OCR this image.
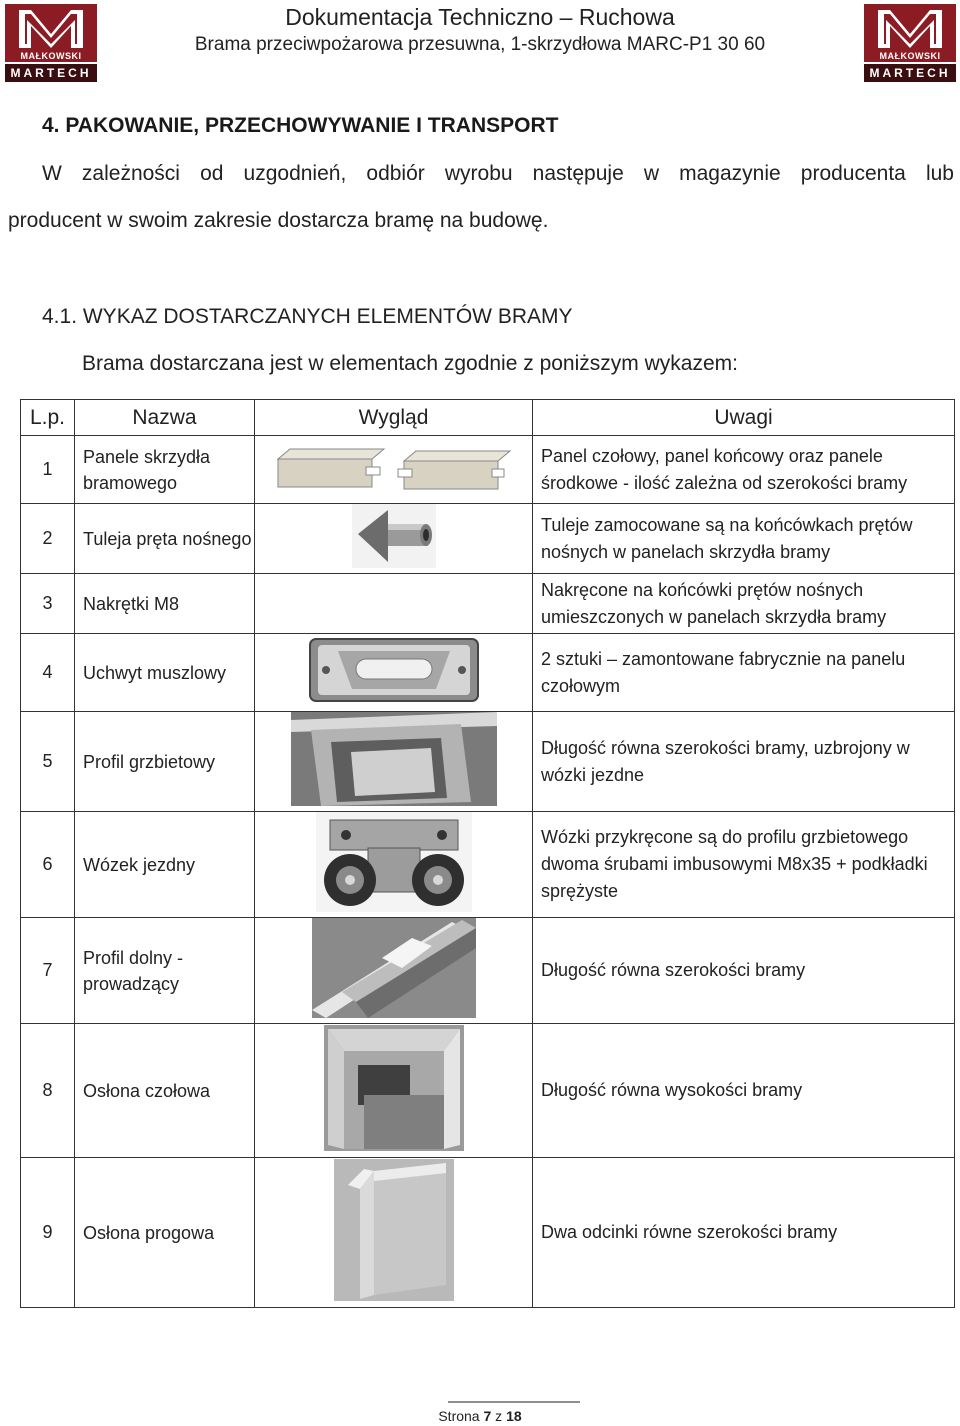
MAŁKOWSKI
MARTECH
Dokumentacja Techniczno – Ruchowa
Brama przeciwpożarowa przesuwna, 1-skrzydłowa MARC-P1 30 60
MAŁKOWSKI
MARTECH
4. PAKOWANIE, PRZECHOWYWANIE I TRANSPORT
W zależności od uzgodnień, odbiór wyrobu następuje w magazynie producenta lub
producent w swoim zakresie dostarcza bramę na budowę.
4.1. WYKAZ DOSTARCZANYCH ELEMENTÓW BRAMY
Brama dostarczana jest w elementach zgodnie z poniższym wykazem:
L.p.	Nazwa	Wygląd	Uwagi
1	Panele skrzydła bramowego		Panel czołowy, panel końcowy oraz panele środkowe - ilość zależna od szerokości bramy
2	Tuleja pręta nośnego		Tuleje zamocowane są na końcówkach prętów nośnych w panelach skrzydła bramy
3	Nakrętki M8		Nakręcone na końcówki prętów nośnych umieszczonych w panelach skrzydła bramy
4	Uchwyt muszlowy		2 sztuki – zamontowane fabrycznie na panelu czołowym
5	Profil grzbietowy		Długość równa szerokości bramy, uzbrojony w wózki jezdne
6	Wózek jezdny		Wózki przykręcone są do profilu grzbietowego dwoma śrubami imbusowymi M8x35 + podkładki sprężyste
7	Profil dolny - prowadzący		Długość równa szerokości bramy
8	Osłona czołowa		Długość równa wysokości bramy
9	Osłona progowa		Dwa odcinki równe szerokości bramy
Strona 7 z 18
